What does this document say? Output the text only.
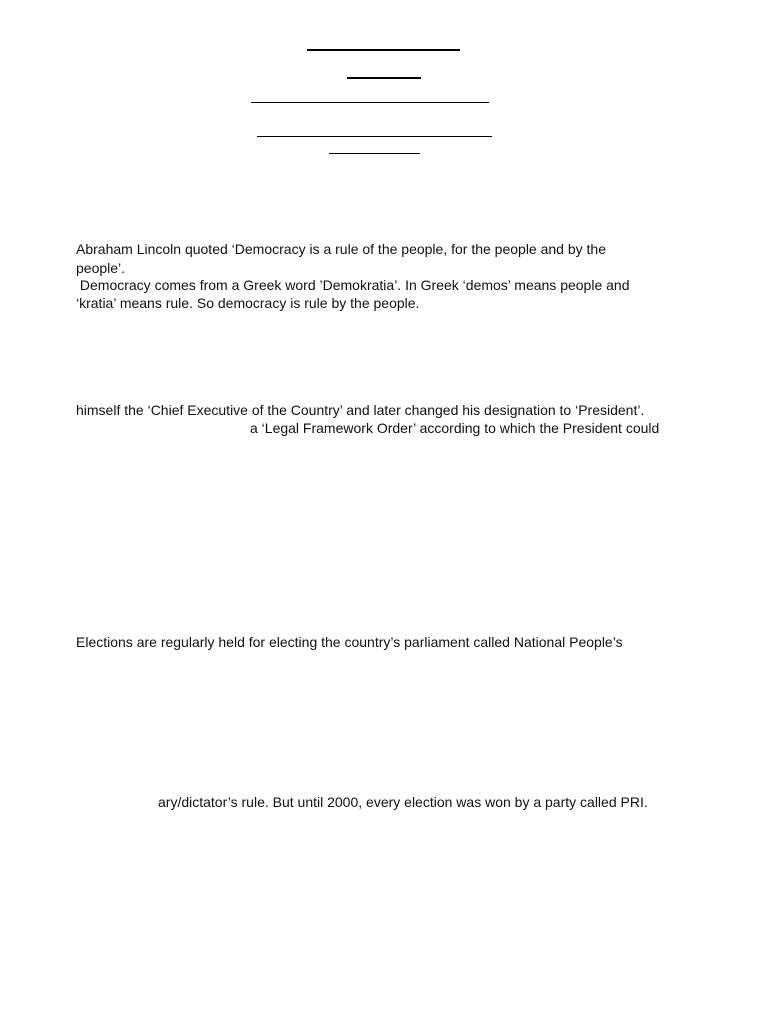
Abraham Lincoln quoted ‘Democracy is a rule of the people, for the people and by the
people’.
Democracy comes from a Greek word ’Demokratia’. In Greek ‘demos’ means people and
‘kratia’ means rule. So democracy is rule by the people.
himself the ‘Chief Executive of the Country’ and later changed his designation to ‘President’.
a ‘Legal Framework Order’ according to which the President could
Elections are regularly held for electing the country’s parliament called National People’s
ary/dictator’s rule. But until 2000, every election was won by a party called PRI.
